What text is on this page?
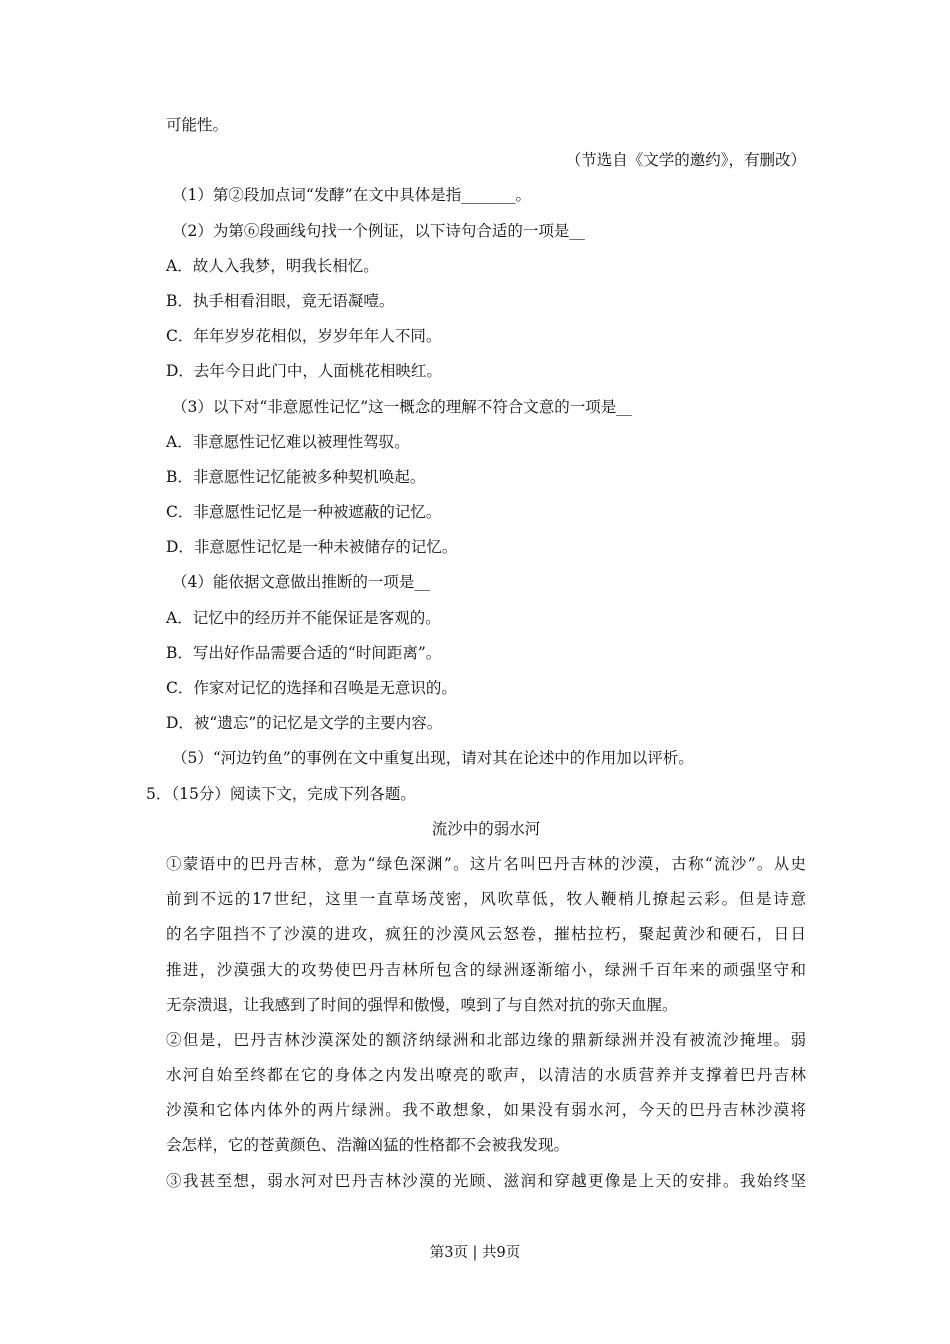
可能性。
（节选自《文学的邀约》，有删改）
（1）第②段加点词“发酵”在文中具体是指_______。
（2）为第⑥段画线句找一个例证，以下诗句合适的一项是__
A．故人入我梦，明我长相忆。
B．执手相看泪眼，竟无语凝噎。
C．年年岁岁花相似，岁岁年年人不同。
D．去年今日此门中，人面桃花相映红。
（3）以下对“非意愿性记忆”这一概念的理解不符合文意的一项是__
A．非意愿性记忆难以被理性驾驭。
B．非意愿性记忆能被多种契机唤起。
C．非意愿性记忆是一种被遮蔽的记忆。
D．非意愿性记忆是一种未被储存的记忆。
（4）能依据文意做出推断的一项是__
A．记忆中的经历并不能保证是客观的。
B．写出好作品需要合适的“时间距离”。
C．作家对记忆的选择和召唤是无意识的。
D．被“遗忘”的记忆是文学的主要内容。
（5）“河边钓鱼”的事例在文中重复出现，请对其在论述中的作用加以评析。
5．（15分）阅读下文，完成下列各题。
流沙中的弱水河
①蒙语中的巴丹吉林，意为“绿色深渊”。这片名叫巴丹吉林的沙漠，古称“流沙”。从史
前到不远的17世纪，这里一直草场茂密，风吹草低，牧人鞭梢儿撩起云彩。但是诗意
的名字阻挡不了沙漠的进攻，疯狂的沙漠风云怒卷，摧枯拉朽，聚起黄沙和硬石，日日
推进，沙漠强大的攻势使巴丹吉林所包含的绿洲逐渐缩小，绿洲千百年来的顽强坚守和
无奈溃退，让我感到了时间的强悍和傲慢，嗅到了与自然对抗的弥天血腥。
②但是，巴丹吉林沙漠深处的额济纳绿洲和北部边缘的鼎新绿洲并没有被流沙掩埋。弱
水河自始至终都在它的身体之内发出嘹亮的歌声，以清洁的水质营养并支撑着巴丹吉林
沙漠和它体内体外的两片绿洲。我不敢想象，如果没有弱水河，今天的巴丹吉林沙漠将
会怎样，它的苍黄颜色、浩瀚凶猛的性格都不会被我发现。
③我甚至想，弱水河对巴丹吉林沙漠的光顾、滋润和穿越更像是上天的安排。我始终坚
第3页 | 共9页
